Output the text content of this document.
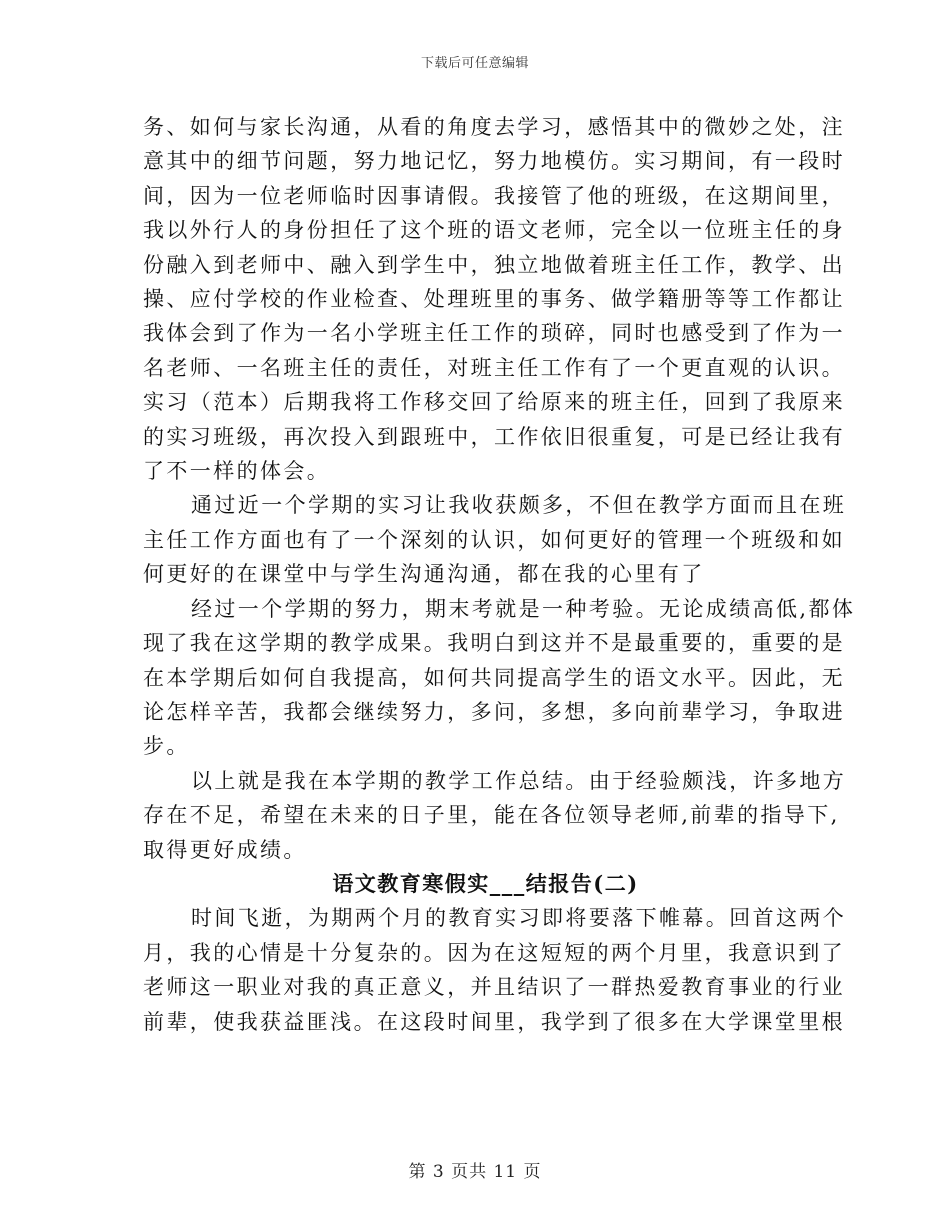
下载后可任意编辑
务、如何与家长沟通，从看的角度去学习，感悟其中的微妙之处，注
意其中的细节问题，努力地记忆，努力地模仿。实习期间，有一段时
间，因为一位老师临时因事请假。我接管了他的班级，在这期间里，
我以外行人的身份担任了这个班的语文老师，完全以一位班主任的身
份融入到老师中、融入到学生中，独立地做着班主任工作，教学、出
操、应付学校的作业检查、处理班里的事务、做学籍册等等工作都让
我体会到了作为一名小学班主任工作的琐碎，同时也感受到了作为一
名老师、一名班主任的责任，对班主任工作有了一个更直观的认识。
实习（范本）后期我将工作移交回了给原来的班主任，回到了我原来
的实习班级，再次投入到跟班中，工作依旧很重复，可是已经让我有
了不一样的体会。
通过近一个学期的实习让我收获颇多，不但在教学方面而且在班
主任工作方面也有了一个深刻的认识，如何更好的管理一个班级和如
何更好的在课堂中与学生沟通沟通，都在我的心里有了
经过一个学期的努力，期末考就是一种考验。无论成绩高低,都体
现了我在这学期的教学成果。我明白到这并不是最重要的，重要的是
在本学期后如何自我提高，如何共同提高学生的语文水平。因此，无
论怎样辛苦，我都会继续努力，多问，多想，多向前辈学习，争取进
步。
以上就是我在本学期的教学工作总结。由于经验颇浅，许多地方
存在不足，希望在未来的日子里，能在各位领导老师,前辈的指导下,
取得更好成绩。
语文教育寒假实___结报告(二)
时间飞逝，为期两个月的教育实习即将要落下帷幕。回首这两个
月，我的心情是十分复杂的。因为在这短短的两个月里，我意识到了
老师这一职业对我的真正意义，并且结识了一群热爱教育事业的行业
前辈，使我获益匪浅。在这段时间里，我学到了很多在大学课堂里根
第 3 页共 11 页
